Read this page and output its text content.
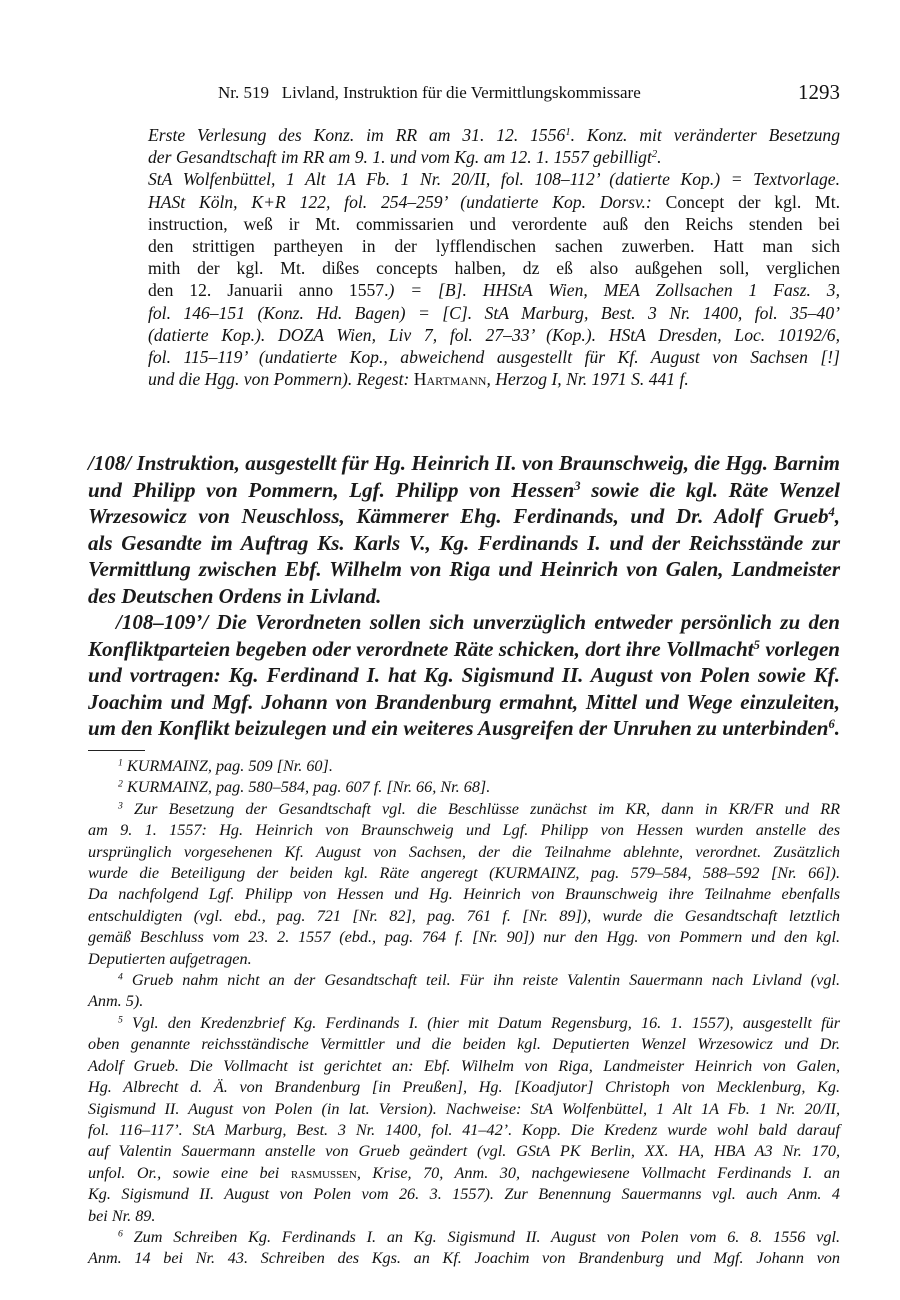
Nr. 519   Livland, Instruktion für die Vermittlungskommissare	1293
Erste Verlesung des Konz. im RR am 31. 12. 1556$^1$. Konz. mit veränderter Besetzung
der Gesandtschaft im RR am 9. 1. und vom Kg. am 12. 1. 1557 gebilligt$^2$.
StA Wolfenbüttel, 1 Alt 1A Fb. 1 Nr. 20/II, fol. 108–112’ (datierte Kop.) = Textvorlage.
HASt Köln, K+R 122, fol. 254–259’ (undatierte Kop. Dorsv.: Concept der kgl. Mt.
instruction, weß ir Mt. commissarien und verordente auß den Reichs stenden bei
den strittigen partheyen in der lyfflendischen sachen zuwerben. Hatt man sich
mith der kgl. Mt. dißes concepts halben, dz eß also außgehen soll, verglichen
den 12. Januarii anno 1557.) = [B]. HHStA Wien, MEA Zollsachen 1 Fasz. 3,
fol. 146–151 (Konz. Hd. Bagen) = [C]. StA Marburg, Best. 3 Nr. 1400, fol. 35–40’
(datierte Kop.). DOZA Wien, Liv 7, fol. 27–33’ (Kop.). HStA Dresden, Loc. 10192/6,
fol. 115–119’ (undatierte Kop., abweichend ausgestellt für Kf. August von Sachsen [!]
und die Hgg. von Pommern). Regest: Hartmann, Herzog I, Nr. 1971 S. 441 f.
/108/ Instruktion, ausgestellt für Hg. Heinrich II. von Braunschweig, die Hgg. Barnim
und Philipp von Pommern, Lgf. Philipp von Hessen$^3$ sowie die kgl. Räte Wenzel
Wrzesowicz von Neuschloss, Kämmerer Ehg. Ferdinands, und Dr. Adolf Grueb$^4$,
als Gesandte im Auftrag Ks. Karls V., Kg. Ferdinands I. und der Reichsstände zur
Vermittlung zwischen Ebf. Wilhelm von Riga und Heinrich von Galen, Landmeister
des Deutschen Ordens in Livland.
/108–109’/ Die Verordneten sollen sich unverzüglich entweder persönlich zu den
Konfliktparteien begeben oder verordnete Räte schicken, dort ihre Vollmacht$^5$ vorlegen
und vortragen: Kg. Ferdinand I. hat Kg. Sigismund II. August von Polen sowie Kf.
Joachim und Mgf. Johann von Brandenburg ermahnt, Mittel und Wege einzuleiten,
um den Konflikt beizulegen und ein weiteres Ausgreifen der Unruhen zu unterbinden$^6$.
$^1$ KURMAINZ, pag. 509 [Nr. 60].
$^2$ KURMAINZ, pag. 580–584, pag. 607 f. [Nr. 66, Nr. 68].
$^3$ Zur Besetzung der Gesandtschaft vgl. die Beschlüsse zunächst im KR, dann in KR/FR und RR
am 9. 1. 1557: Hg. Heinrich von Braunschweig und Lgf. Philipp von Hessen wurden anstelle des
ursprünglich vorgesehenen Kf. August von Sachsen, der die Teilnahme ablehnte, verordnet. Zusätzlich
wurde die Beteiligung der beiden kgl. Räte angeregt (KURMAINZ, pag. 579–584, 588–592 [Nr. 66]).
Da nachfolgend Lgf. Philipp von Hessen und Hg. Heinrich von Braunschweig ihre Teilnahme ebenfalls
entschuldigten (vgl. ebd., pag. 721 [Nr. 82], pag. 761 f. [Nr. 89]), wurde die Gesandtschaft letztlich
gemäß Beschluss vom 23. 2. 1557 (ebd., pag. 764 f. [Nr. 90]) nur den Hgg. von Pommern und den kgl.
Deputierten aufgetragen.
$^4$ Grueb nahm nicht an der Gesandtschaft teil. Für ihn reiste Valentin Sauermann nach Livland (vgl.
Anm. 5).
$^5$ Vgl. den Kredenzbrief Kg. Ferdinands I. (hier mit Datum Regensburg, 16. 1. 1557), ausgestellt für
oben genannte reichsständische Vermittler und die beiden kgl. Deputierten Wenzel Wrzesowicz und Dr.
Adolf Grueb. Die Vollmacht ist gerichtet an: Ebf. Wilhelm von Riga, Landmeister Heinrich von Galen,
Hg. Albrecht d. Ä. von Brandenburg [in Preußen], Hg. [Koadjutor] Christoph von Mecklenburg, Kg.
Sigismund II. August von Polen (in lat. Version). Nachweise: StA Wolfenbüttel, 1 Alt 1A Fb. 1 Nr. 20/II,
fol. 116–117’. StA Marburg, Best. 3 Nr. 1400, fol. 41–42’. Kopp. Die Kredenz wurde wohl bald darauf
auf Valentin Sauermann anstelle von Grueb geändert (vgl. GStA PK Berlin, XX. HA, HBA A3 Nr. 170,
unfol. Or., sowie eine bei rasmussen, Krise, 70, Anm. 30, nachgewiesene Vollmacht Ferdinands I. an
Kg. Sigismund II. August von Polen vom 26. 3. 1557). Zur Benennung Sauermanns vgl. auch Anm. 4
bei Nr. 89.
$^6$ Zum Schreiben Kg. Ferdinands I. an Kg. Sigismund II. August von Polen vom 6. 8. 1556 vgl.
Anm. 14 bei Nr. 43. Schreiben des Kgs. an Kf. Joachim von Brandenburg und Mgf. Johann von
